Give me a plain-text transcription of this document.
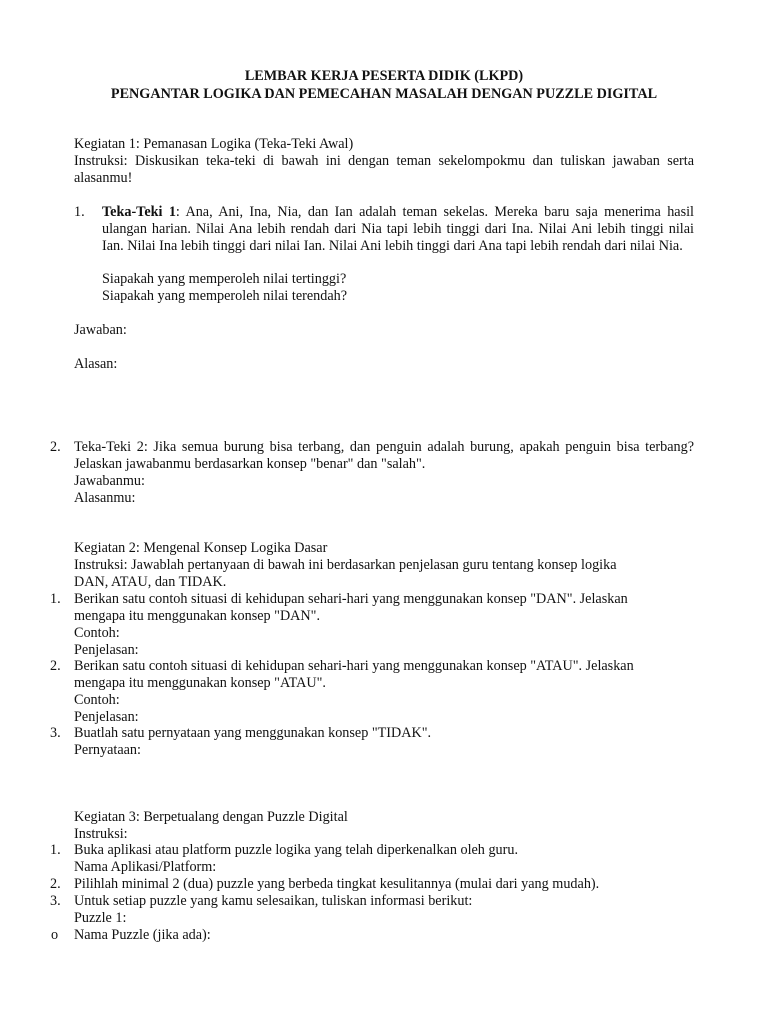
LEMBAR KERJA PESERTA DIDIK (LKPD)
PENGANTAR LOGIKA DAN PEMECAHAN MASALAH DENGAN PUZZLE DIGITAL
Kegiatan 1: Pemanasan Logika (Teka-Teki Awal)
Instruksi: Diskusikan teka-teki di bawah ini dengan teman sekelompokmu dan tuliskan jawaban serta alasanmu!
1. Teka-Teki 1: Ana, Ani, Ina, Nia, dan Ian adalah teman sekelas. Mereka baru saja menerima hasil ulangan harian. Nilai Ana lebih rendah dari Nia tapi lebih tinggi dari Ina. Nilai Ani lebih tinggi nilai Ian. Nilai Ina lebih tinggi dari nilai Ian. Nilai Ani lebih tinggi dari Ana tapi lebih rendah dari nilai Nia.
Siapakah yang memperoleh nilai tertinggi?
Siapakah yang memperoleh nilai terendah?
Jawaban:
Alasan:
2. Teka-Teki 2: Jika semua burung bisa terbang, dan penguin adalah burung, apakah penguin bisa terbang? Jelaskan jawabanmu berdasarkan konsep "benar" dan "salah".
Jawabanmu:
Alasanmu:
Kegiatan 2: Mengenal Konsep Logika Dasar
Instruksi: Jawablah pertanyaan di bawah ini berdasarkan penjelasan guru tentang konsep logika
DAN, ATAU, dan TIDAK.
1. Berikan satu contoh situasi di kehidupan sehari-hari yang menggunakan konsep "DAN". Jelaskan
mengapa itu menggunakan konsep "DAN".
Contoh:
Penjelasan:
2. Berikan satu contoh situasi di kehidupan sehari-hari yang menggunakan konsep "ATAU". Jelaskan
mengapa itu menggunakan konsep "ATAU".
Contoh:
Penjelasan:
3. Buatlah satu pernyataan yang menggunakan konsep "TIDAK".
Pernyataan:
Kegiatan 3: Berpetualang dengan Puzzle Digital
Instruksi:
1. Buka aplikasi atau platform puzzle logika yang telah diperkenalkan oleh guru.
Nama Aplikasi/Platform:
2. Pilihlah minimal 2 (dua) puzzle yang berbeda tingkat kesulitannya (mulai dari yang mudah).
3. Untuk setiap puzzle yang kamu selesaikan, tuliskan informasi berikut:
Puzzle 1:
o Nama Puzzle (jika ada):
